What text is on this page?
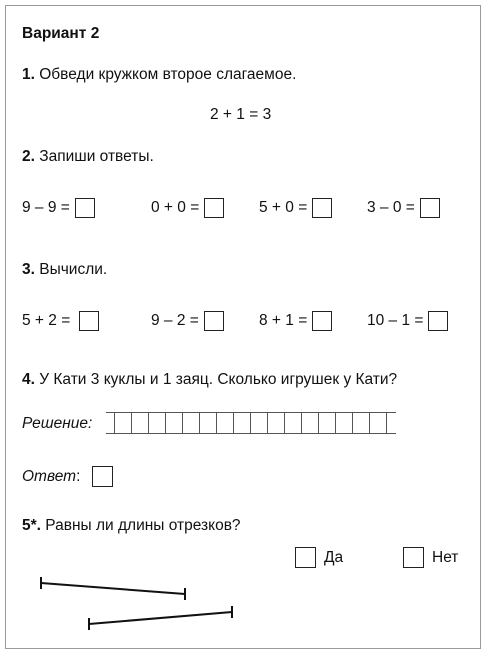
Вариант 2
1. Обведи кружком второе слагаемое.
2 + 1 = 3
2. Запиши ответы.
9 – 9 =	0 + 0 =	5 + 0 =	3 – 0 =
3. Вычисли.
5 + 2 =	9 – 2 =	8 + 1 =	10 – 1 =
4. У Кати 3 куклы и 1 заяц. Сколько игрушек у Кати?
Решение:
Ответ :
5*. Равны ли длины отрезков?
Да	Нет
